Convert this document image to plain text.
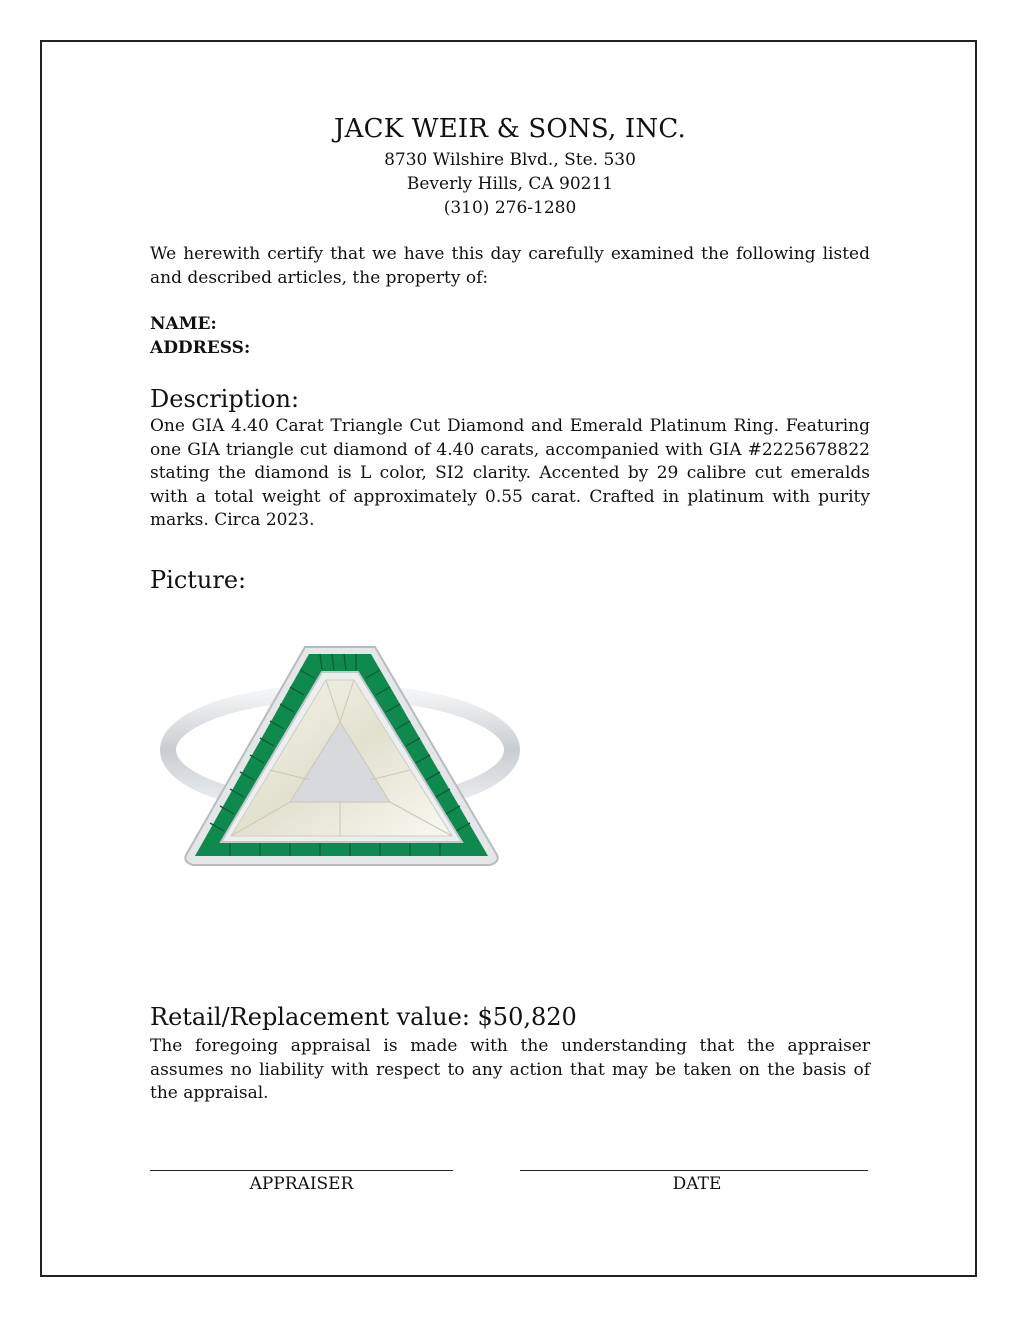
JACK WEIR & SONS, INC.
8730 Wilshire Blvd., Ste. 530
Beverly Hills, CA 90211
(310) 276-1280
We herewith certify that we have this day carefully examined the following listed and described articles, the property of:
NAME:
ADDRESS:
Description:
One GIA 4.40 Carat Triangle Cut Diamond and Emerald Platinum Ring. Featuring one GIA triangle cut diamond of 4.40 carats, accompanied with GIA #2225678822 stating the diamond is L color, SI2 clarity. Accented by 29 calibre cut emeralds with a total weight of approximately 0.55 carat. Crafted in platinum with purity marks. Circa 2023.
Picture:
Retail/Replacement value: $50,820
The foregoing appraisal is made with the understanding that the appraiser assumes no liability with respect to any action that may be taken on the basis of the appraisal.
APPRAISER	DATE
